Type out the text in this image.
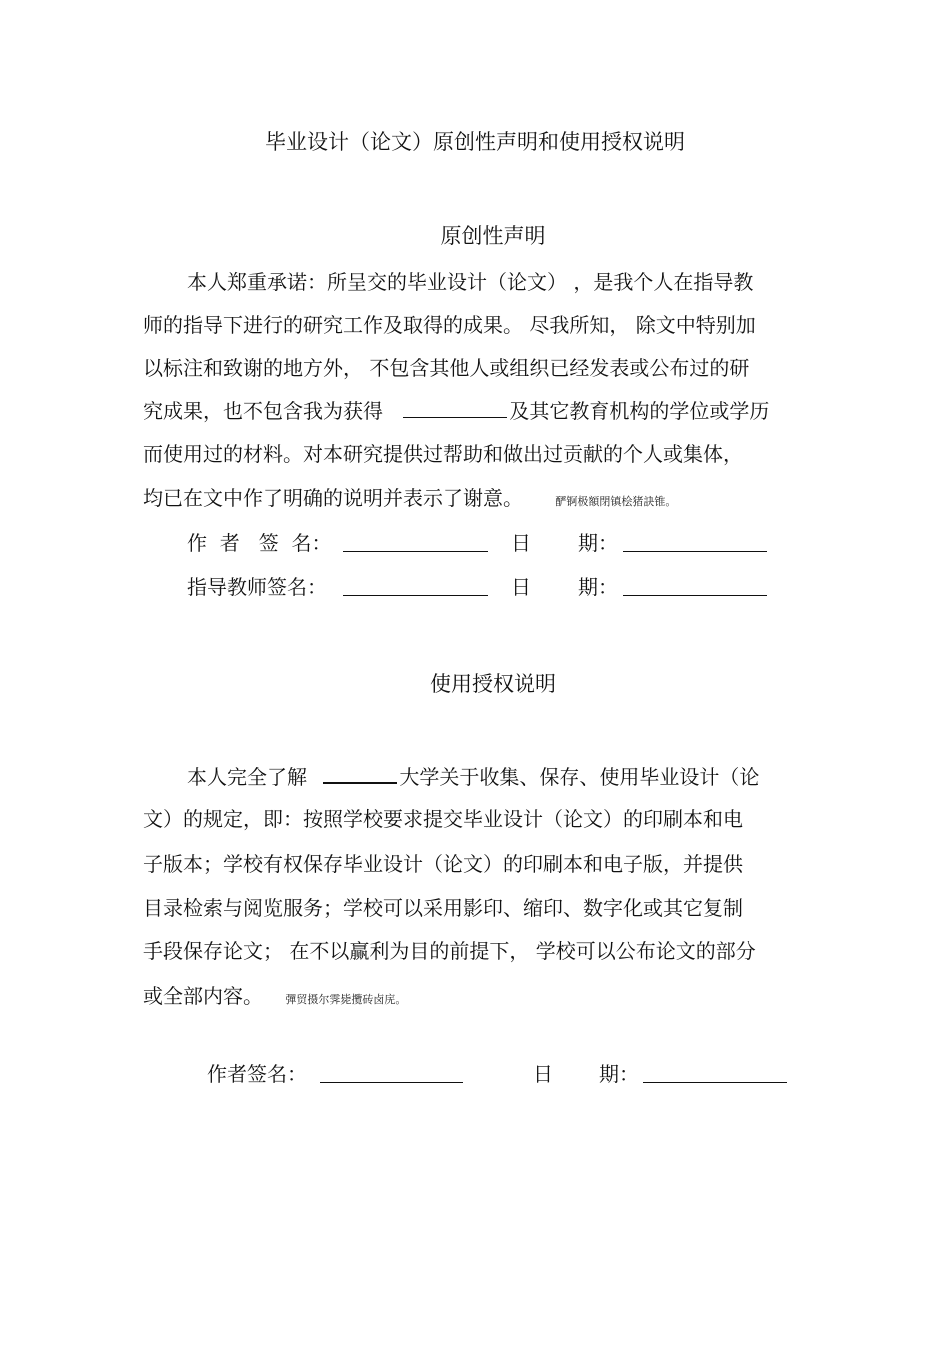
毕业设计（论文）原创性声明和使用授权说明
原创性声明
本人郑重承诺：所呈交的毕业设计（论文） ，是我个人在指导教
师的指导下进行的研究工作及取得的成果。 尽我所知， 除文中特别加
以标注和致谢的地方外， 不包含其他人或组织已经发表或公布过的研
究成果，也不包含我为获得	及其它教育机构的学位或学历
而使用过的材料。对本研究提供过帮助和做出过贡献的个人或集体，
均已在文中作了明确的说明并表示了谢意。	酽锕极額閉镇桧猪訣锥。
作  者   签  名：	日 期：
指导教师签名：	日 期：
使用授权说明
本人完全了解	大学关于收集、保存、使用毕业设计（论
文）的规定，即：按照学校要求提交毕业设计（论文）的印刷本和电
子版本；学校有权保存毕业设计（论文）的印刷本和电子版，并提供
目录检索与阅览服务；学校可以采用影印、缩印、数字化或其它复制
手段保存论文； 在不以赢利为目的前提下， 学校可以公布论文的部分
或全部内容。 彈贸摄尔霁毙攬砖卤庑。
作者签名：	日 期：
